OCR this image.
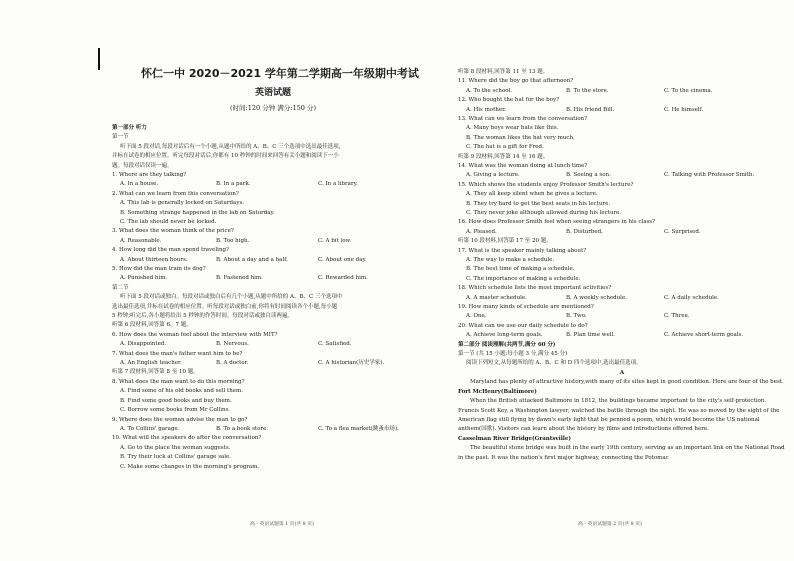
怀仁一中 2020－2021 学年第二学期高一年级期中考试
英语试题
(时间:120 分钟 满分:150 分)
第一部分 听力
第一节
听下面 5 段对话,每段对话后有一个小题,从题中所给的 A、B、C 三个选项中选出最佳选项,
并标在试卷的相应位置。听完每段对话后,你都有 10 秒钟的时间来回答有关小题和阅读下一小
题。每段对话仅读一遍。
1. Where are they talking?
A. In a house.	B. In a park.	C. In a library.
2. What can we learn from this conversation?
A. This lab is generally locked on Saturdays.
B. Something strange happened in the lab on Saturday.
C. The lab should never be locked.
3. What does the woman think of the price?
A. Reasonable.	B. Too high.	C. A bit low.
4. How long did the man spend traveling?
A. About thirteen hours.	B. About a day and a half.	C. About one day.
5. How did the man train its dog?
A. Punished him.	B. Fastened him.	C. Rewarded him.
第二节
听下面 5 段对话或独白。每段对话或独白后有几个小题,从题中所给的 A、B、C 三个选项中
选出最佳选项,并标在试卷的相应位置。听每段对话或独白前,你将有时间阅读各个小题,每小题
5 秒钟;听完后,各小题将给出 5 秒钟的作答时间。每段对话或独白读两遍。
听第 6 段材料,回答第 6、7 题。
6. How does the woman feel about the interview with MIT?
A. Disappointed.	B. Nervous.	C. Satisfied.
7. What does the man's father want him to be?
A. An English teacher.	B. A doctor.	C. A historian(历史学家).
听第 7 段材料,回答第 8 至 10 题。
8. What does the man want to do this morning?
A. Find some of his old books and sell them.
B. Find some good books and buy them.
C. Borrow some books from Mr Collins.
9. Where does the woman advise the man to go?
A. To Collins' garage.	B. To a book store.	C. To a flea market(跳蚤市场).
10. What will the speakers do after the conversation?
A. Go to the place the woman suggests.
B. Try their luck at Collins' garage sale.
C. Make some changes in the morning's program.
高一英语试题第 1 页(共 8 页)
听第 8 段材料,回答第 11 至 13 题。
11. Where did the boy go that afternoon?
A. To the school.	B. To the store.	C. To the cinema.
12. Who bought the hat for the boy?
A. His mother.	B. His friend Bill.	C. He himself.
13. What can we learn from the conversation?
A. Many boys wear hats like this.
B. The woman likes the hat very much.
C. The hat is a gift for Fred.
听第 9 段材料,回答第 14 至 16 题。
14. What was the woman doing at lunch time?
A. Giving a lecture.	B. Seeing a son.	C. Talking with Professor Smith.
15. Which shows the students enjoy Professor Smith's lecture?
A. They all keep silent when he gives a lecture.
B. They try hard to get the best seats in his lecture.
C. They never joke although allowed during his lecture.
16. How does Professor Smith feel when seeing strangers in his class?
A. Pleased.	B. Disturbed.	C. Surprised.
听第 10 段材料,回答第 17 至 20 题。
17. What is the speaker mainly talking about?
A. The way to make a schedule.
B. The best time of making a schedule.
C. The importance of making a schedule.
18. Which schedule lists the most important activities?
A. A master schedule.	B. A weekly schedule.	C. A daily schedule.
19. How many kinds of schedule are mentioned?
A. One.	B. Two.	C. Three.
20. What can we use our daily schedule to do?
A. Achieve long-term goals.	B. Plan time well.	C. Achieve short-term goals.
第二部分 阅读理解(共两节,满分 60 分)
第一节 (共 15 小题;每小题 3 分,满分 45 分)
阅读下列短文,从每题所给的 A、B、C 和 D 四个选项中,选出最佳选项。
A
Maryland has plenty of attractive history,with many of its sites kept in good condition. Here are four of the best.
Fort McHenry(Baltimore)
When the British attacked Baltimore in 1812, the buildings became important to the city's self-protection. Francis Scott Key, a Washington lawyer, watched the battle through the night. He was so moved by the sight of the American flag still flying by dawn's early light that he penned a poem, which would become the US national anthem(国歌). Visitors can learn about the history by films and introductions offered here.
Casselman River Bridge(Grantsville)
The beautiful stone bridge was built in the early 19th century, serving as an important link on the National Road in the past. It was the nation's first major highway, connecting the Potomac
高一英语试题第 2 页(共 8 页)
